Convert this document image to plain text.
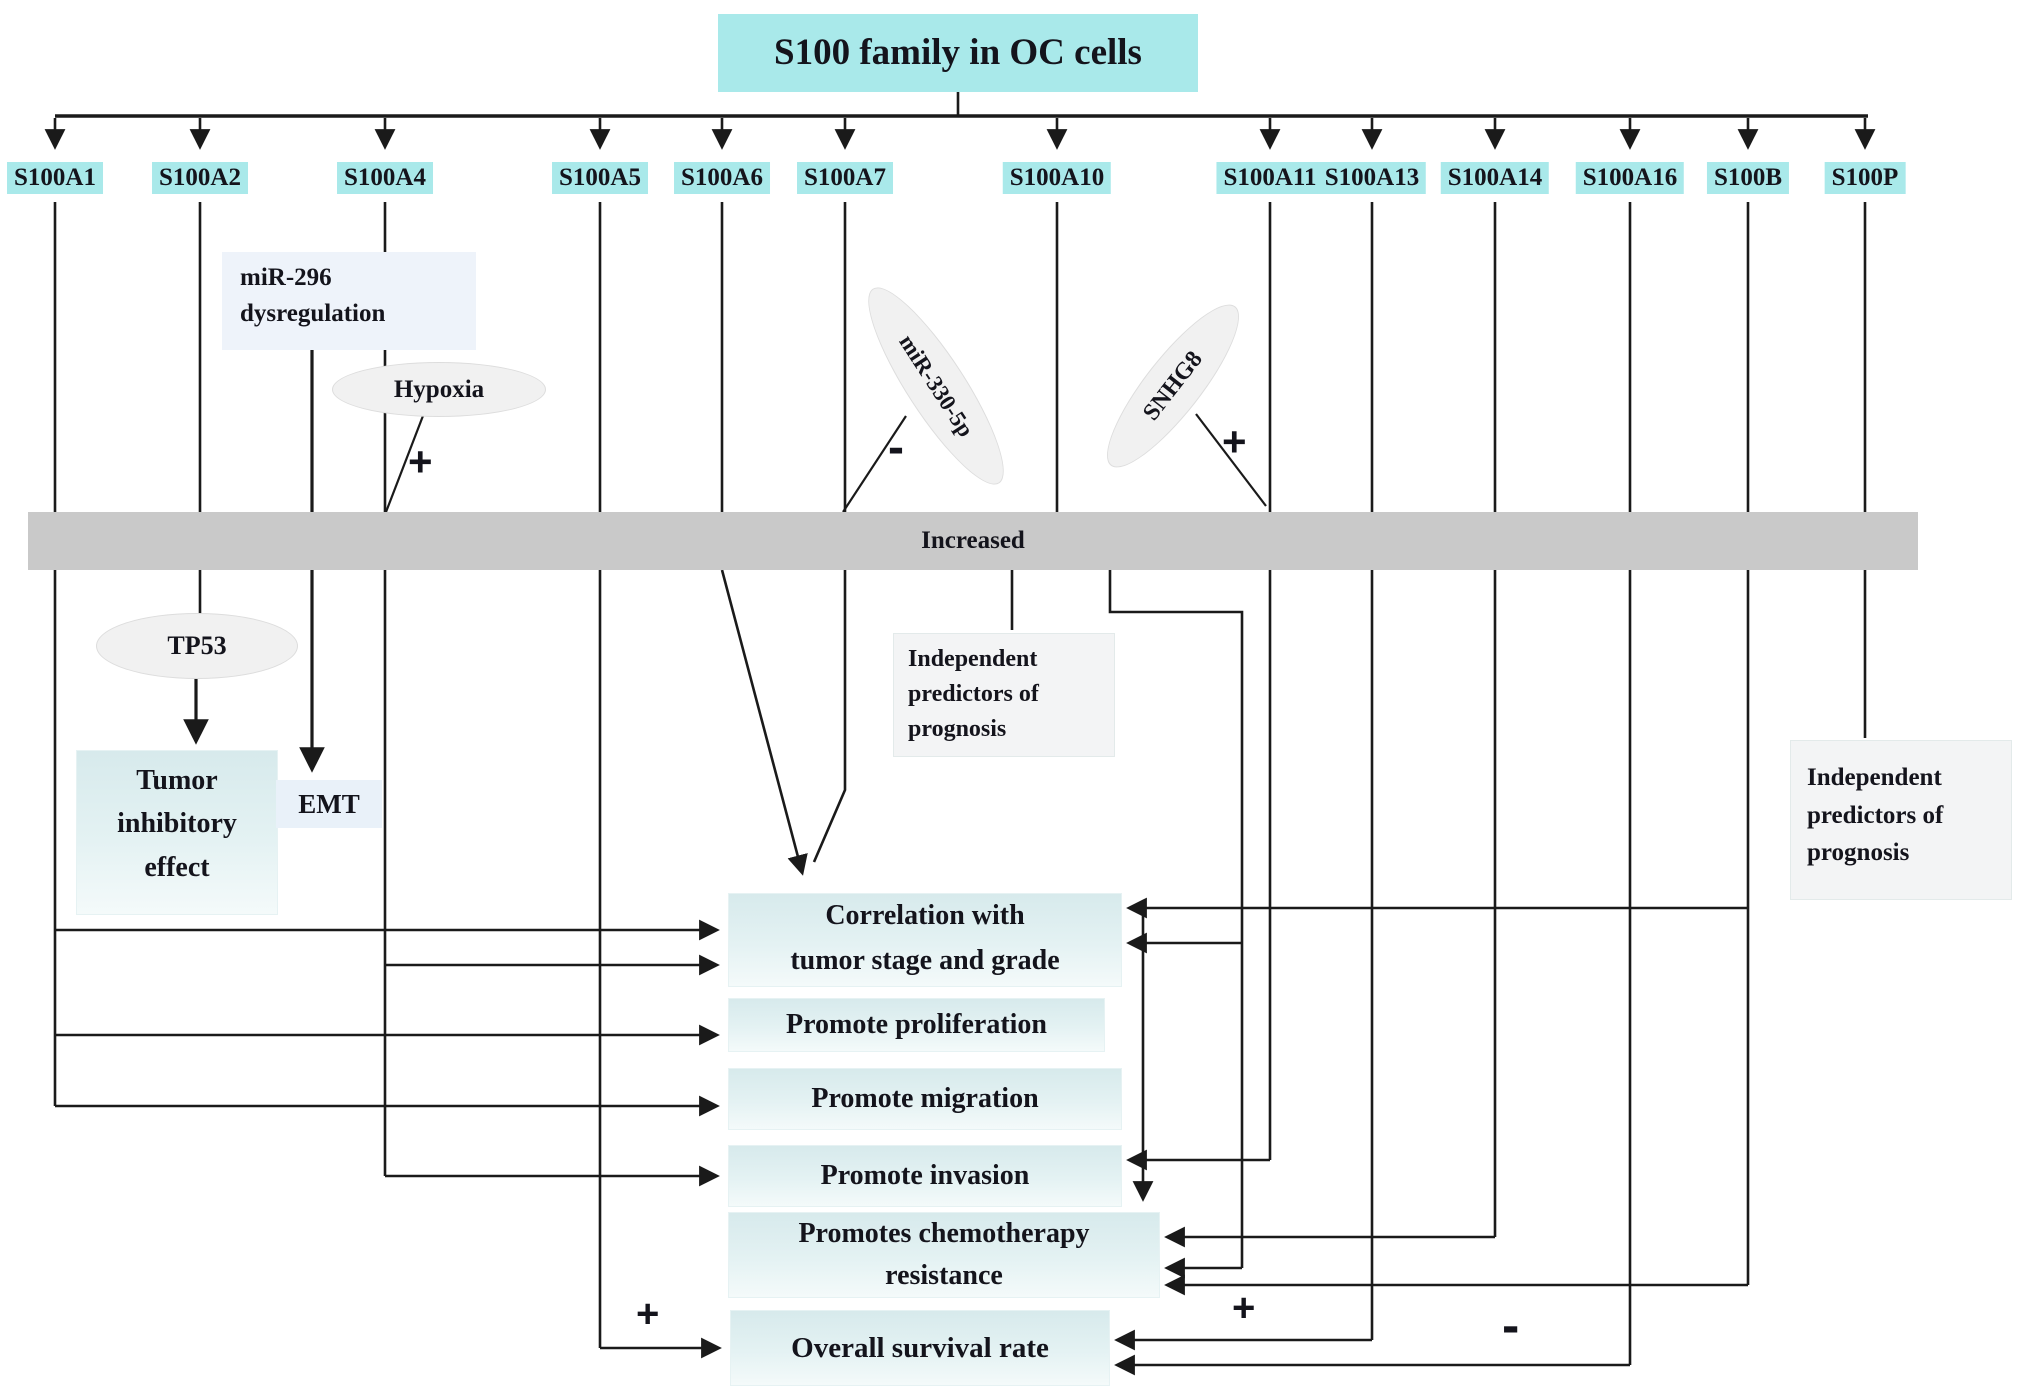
S100 family in OC cells
S100A1	S100A2	S100A4	S100A5 S100A6 S100A7	S100A10	S100A11 S100A13 S100A14 S100A16 S100B S100P
Increased
miR-296
dysregulation
Hypoxia	miR-330-5p	SNHG8
TP53
+	-	+
+	+	-
Tumor
inhibitory
effect
EMT
Independent
predictors of
prognosis
Independent
predictors of
prognosis
Correlation with
tumor stage and grade
Promote proliferation
Promote migration
Promote invasion
Promotes chemotherapy
resistance
Overall survival rate
